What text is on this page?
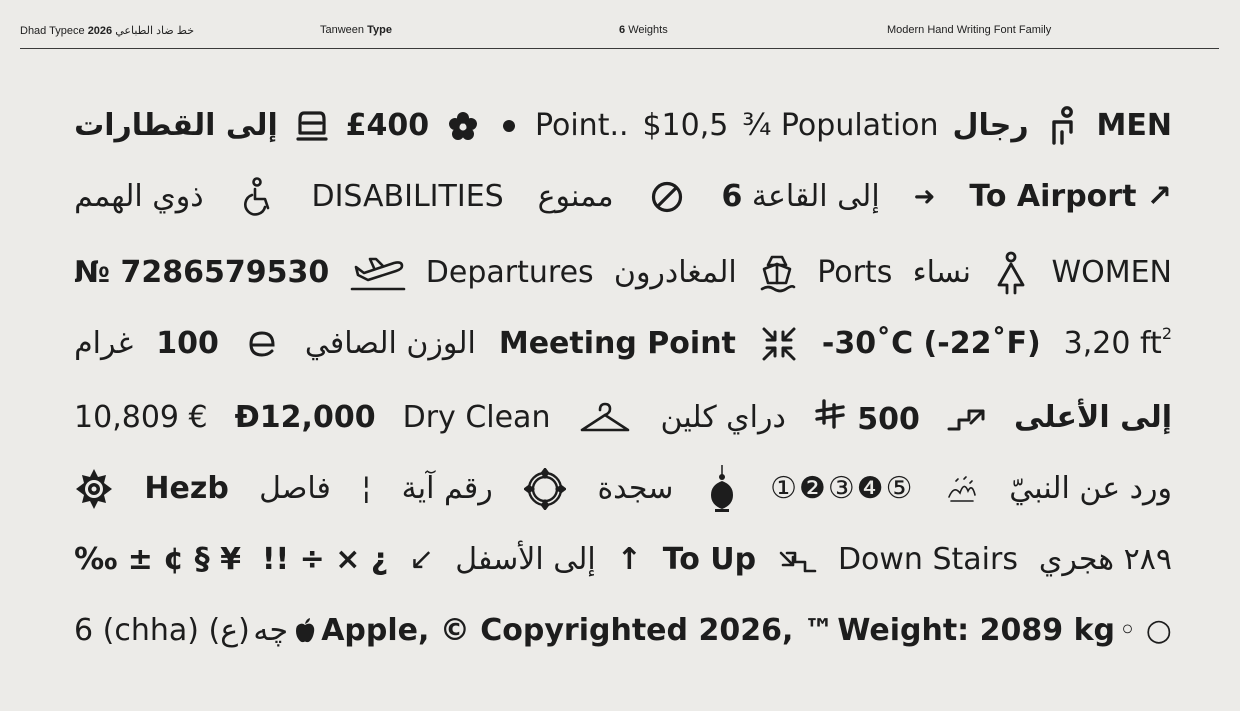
Dhad Typece 2026 خط ضاد الطباعي	Tanween Type	6 Weights	Modern Hand Writing Font Family
MEN
رجال
¾ Population
$10,5
Point..
£400
إلى القطارات
To Airport ↗
➜
إلى القاعة 6
ممنوع
DISABILITIES
ذوي الهمم
WOMEN
نساء
Ports
المغادرون
Departures
№ 7286579530
3,20 $ft^2$
-30˚C (-22˚F)
Meeting Point
الوزن الصافي
100
غرام
إلى الأعلى
500
دراي كلين
Dry Clean
Đ12,000
10,809 €
ورد عن النبيّ
①❷③❹⑤
سجدة
رقم آية
¦
فاصل
Hezb
٢٨٩ هجري
Down Stairs
To Up
↑
إلى الأسفل
↙
!! ÷ × ¿
‰ ± ¢ § ¥
◦ ○
Weight: 2089 kg
Apple, © Copyrighted 2026, ™
چه
6 (chha) (ع)
